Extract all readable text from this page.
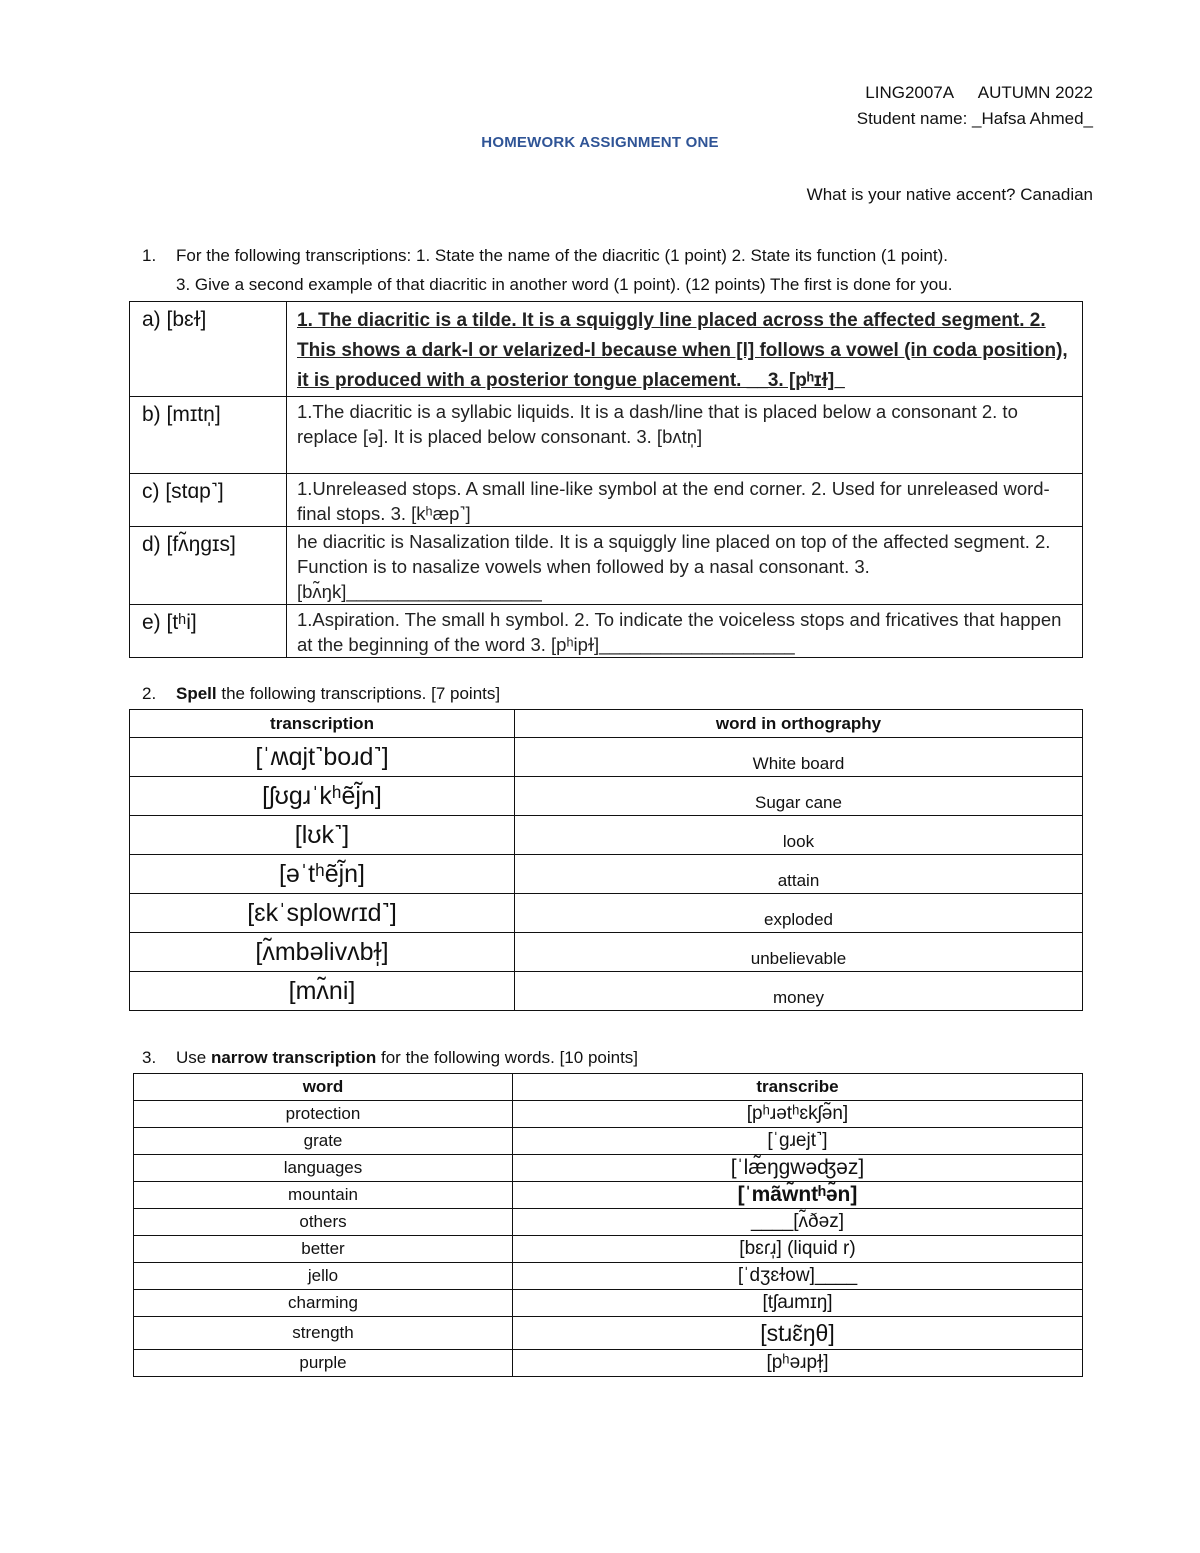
LING2007A AUTUMN 2022
Student name: _Hafsa Ahmed_
HOMEWORK ASSIGNMENT ONE
What is your native accent? Canadian
1. For the following transcriptions: 1. State the name of the diacritic (1 point) 2. State its function (1 point).
3. Give a second example of that diacritic in another word (1 point). (12 points) The first is done for you.
a) [bɛɫ]	1. The diacritic is a tilde. It is a squiggly line placed across the affected segment. 2. This shows a dark-l or velarized-l because when [l] follows a vowel (in coda position), it is produced with a posterior tongue placement. __3. [pʰɪɫ]_
b) [mɪtn̩]	1.The diacritic is a syllabic liquids. It is a dash/line that is placed below a consonant 2. to replace [ə]. It is placed below consonant. 3. [bʌtn̩]
c) [stɑp˺]	1.Unreleased stops. A small line-like symbol at the end corner. 2. Used for unreleased word-final stops. 3. [kʰæp˺]
d) [fʌ̃ŋgɪs]	he diacritic is Nasalization tilde. It is a squiggly line placed on top of the affected segment. 2. Function is to nasalize vowels when followed by a nasal consonant. 3. [bʌ̃ŋk]___________________
e) [tʰi]	1.Aspiration. The small h symbol. 2. To indicate the voiceless stops and fricatives that happen at the beginning of the word 3. [pʰipɫ]___________________
2. Spell the following transcriptions. [7 points]
transcription	word in orthography
[ˈʍɑjt˺boɹd˺]	White board
[ʃʊgɹˈkʰẽj̃n]	Sugar cane
[lʊk˺]	look
[əˈtʰẽj̃n]	attain
[ɛkˈsplowɾɪd˺]	exploded
[ʌ̃mbəlivʌbɫ̩]	unbelievable
[mʌ̃ni]	money
3. Use narrow transcription for the following words. [10 points]
word	transcribe
protection	[pʰɹətʰɛkʃə̃n]
grate	[ˈgɹejt˺]
languages	[ˈlæ̃ŋgwəʤəz]
mountain	[ˈmãw̃ntʰə̃n]
others	____[ʌ̃ðəz]
better	[bɛɾɹ̩] (liquid r)
jello	[ˈdʒɛɫow]____
charming	[tʃaɹmɪŋ]
strength	[stɹɛ̃ŋθ]
purple	[pʰəɹpɫ̩]
